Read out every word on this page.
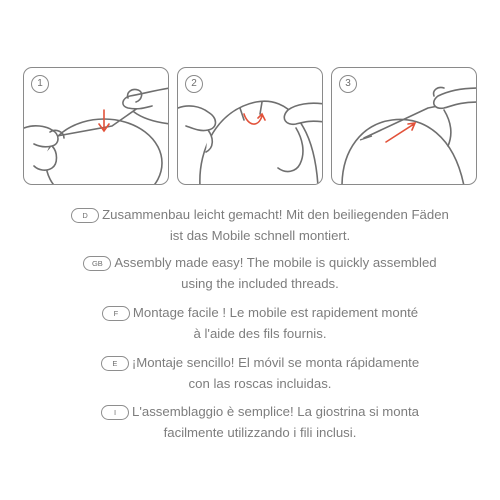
1	2	3
D Zusammenbau leicht gemacht! Mit den beiliegenden Fäden
ist das Mobile schnell montiert.
GB Assembly made easy! The mobile is quickly assembled
using the included threads.
F Montage facile ! Le mobile est rapidement monté
à l'aide des fils fournis.
E ¡Montaje sencillo! El móvil se monta rápidamente
con las roscas incluidas.
I L'assemblaggio è semplice! La giostrina si monta
facilmente utilizzando i fili inclusi.
